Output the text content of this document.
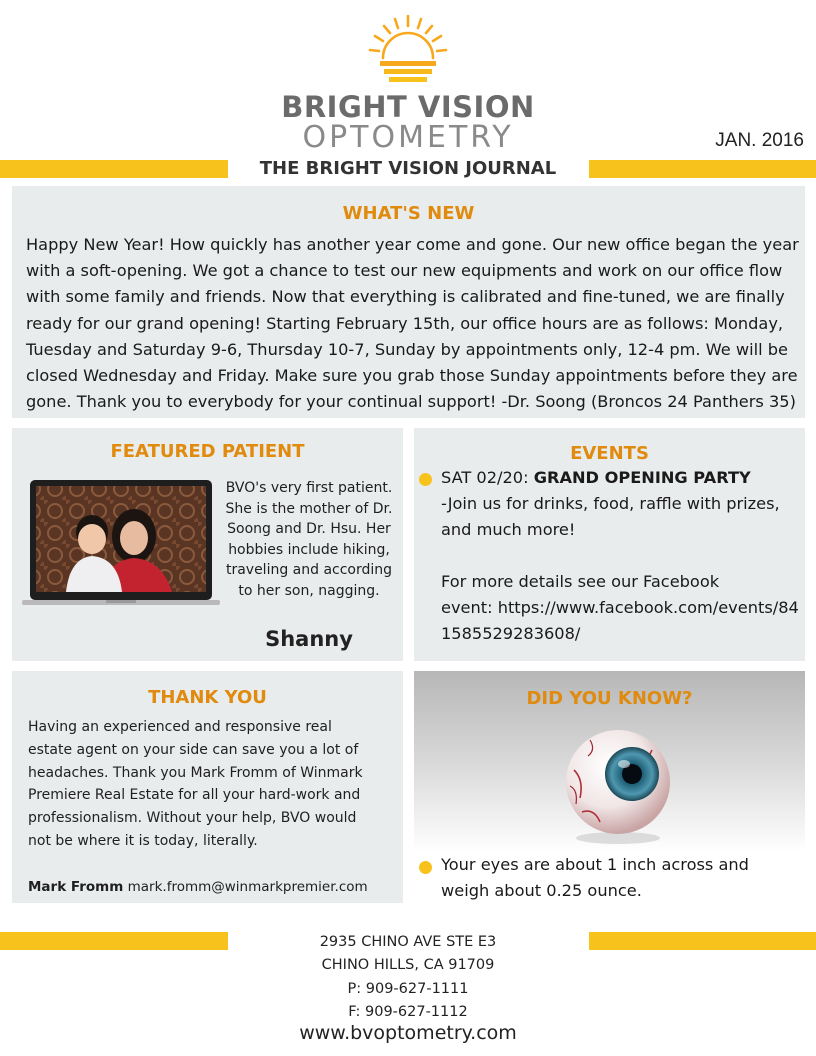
BRIGHT VISION
OPTOMETRY	JAN. 2016
THE BRIGHT VISION JOURNAL
WHAT'S NEW
Happy New Year! How quickly has another year come and gone. Our new office began the year
with a soft-opening. We got a chance to test our new equipments and work on our office flow
with some family and friends. Now that everything is calibrated and fine-tuned, we are finally
ready for our grand opening! Starting February 15th, our office hours are as follows: Monday,
Tuesday and Saturday 9-6, Thursday 10-7, Sunday by appointments only, 12-4 pm. We will be
closed Wednesday and Friday. Make sure you grab those Sunday appointments before they are
gone. Thank you to everybody for your continual support! -Dr. Soong (Broncos 24 Panthers 35)
FEATURED PATIENT
BVO's very first patient.
She is the mother of Dr.
Soong and Dr. Hsu. Her
hobbies include hiking,
traveling and according
to her son, nagging.
Shanny
EVENTS
SAT 02/20: GRAND OPENING PARTY
-Join us for drinks, food, raffle with prizes,
and much more!
For more details see our Facebook
event: https://www.facebook.com/events/84
1585529283608/
THANK YOU
Having an experienced and responsive real
estate agent on your side can save you a lot of
headaches. Thank you Mark Fromm of Winmark
Premiere Real Estate for all your hard-work and
professionalism. Without your help, BVO would
not be where it is today, literally.
Mark Fromm mark.fromm@winmarkpremier.com
DID YOU KNOW?
Your eyes are about 1 inch across and
weigh about 0.25 ounce.
2935 CHINO AVE STE E3
CHINO HILLS, CA 91709
P: 909-627-1111
F: 909-627-1112
www.bvoptometry.com
